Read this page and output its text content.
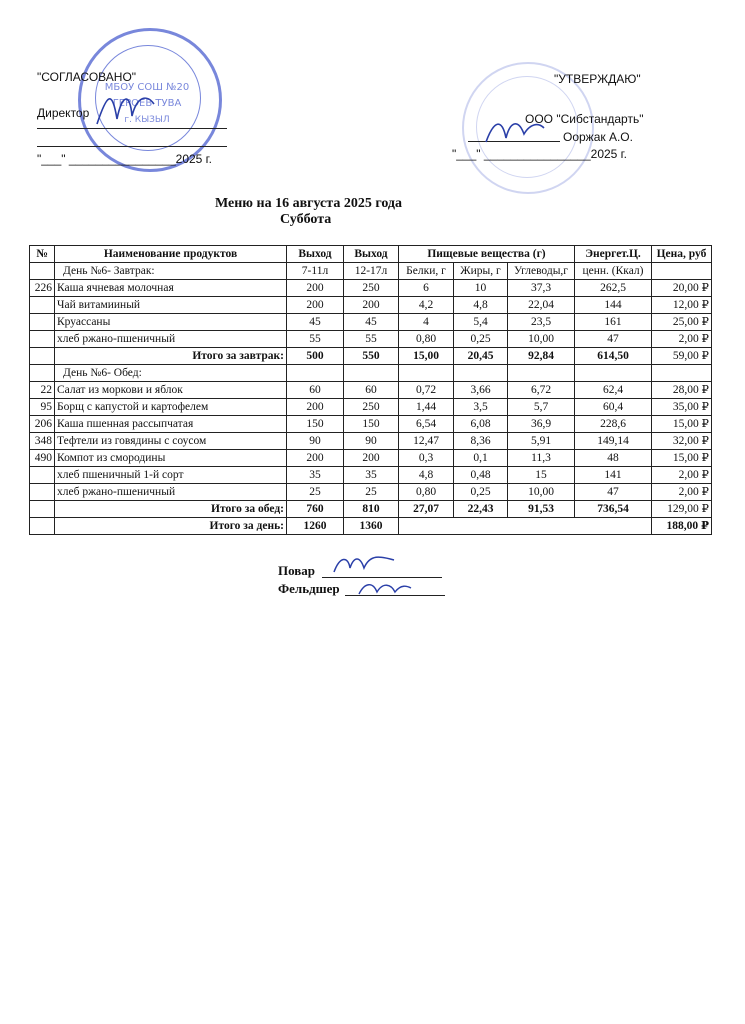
МБОУ СОШ №20
ГЕРОЕВ ТУВА
г. КЫЗЫЛ
"СОГЛАСОВАНО"
Директор
"___" ________________2025 г.
"УТВЕРЖДАЮ"
ООО "Сибстандарть"
Ооржак А.О.
"___" ________________2025 г.
Меню на 16 августа 2025 года
Суббота
№	Наименование продуктов	Выход	Выход	Пищевые вещества (г)			Энергет.Ц.	Цена, руб
	День №6- Завтрак:	7-11л	12-17л	Белки, г	Жиры, г	Углеводы,г	ценн. (Ккал)	
226	Каша ячневая молочная	200	250	6	10	37,3	262,5	20,00 ₽
	Чай витамииный	200	200	4,2	4,8	22,04	144	12,00 ₽
	Круассаны	45	45	4	5,4	23,5	161	25,00 ₽
	хлеб ржано-пшеничный	55	55	0,80	0,25	10,00	47	2,00 ₽
	Итого за завтрак:	500	550	15,00	20,45	92,84	614,50	59,00 ₽
	День №6- Обед:							
22	Салат из моркови и яблок	60	60	0,72	3,66	6,72	62,4	28,00 ₽
95	Борщ с капустой и картофелем	200	250	1,44	3,5	5,7	60,4	35,00 ₽
206	Каша пшенная рассыпчатая	150	150	6,54	6,08	36,9	228,6	15,00 ₽
348	Тефтели из говядины с соусом	90	90	12,47	8,36	5,91	149,14	32,00 ₽
490	Компот из смородины	200	200	0,3	0,1	11,3	48	15,00 ₽
	хлеб пшеничный 1-й сорт	35	35	4,8	0,48	15	141	2,00 ₽
	хлеб ржано-пшеничный	25	25	0,80	0,25	10,00	47	2,00 ₽
	Итого за обед:	760	810	27,07	22,43	91,53	736,54	129,00 ₽
	Итого за день:	1260	1360					188,00 ₽
Повар
Фельдшер
